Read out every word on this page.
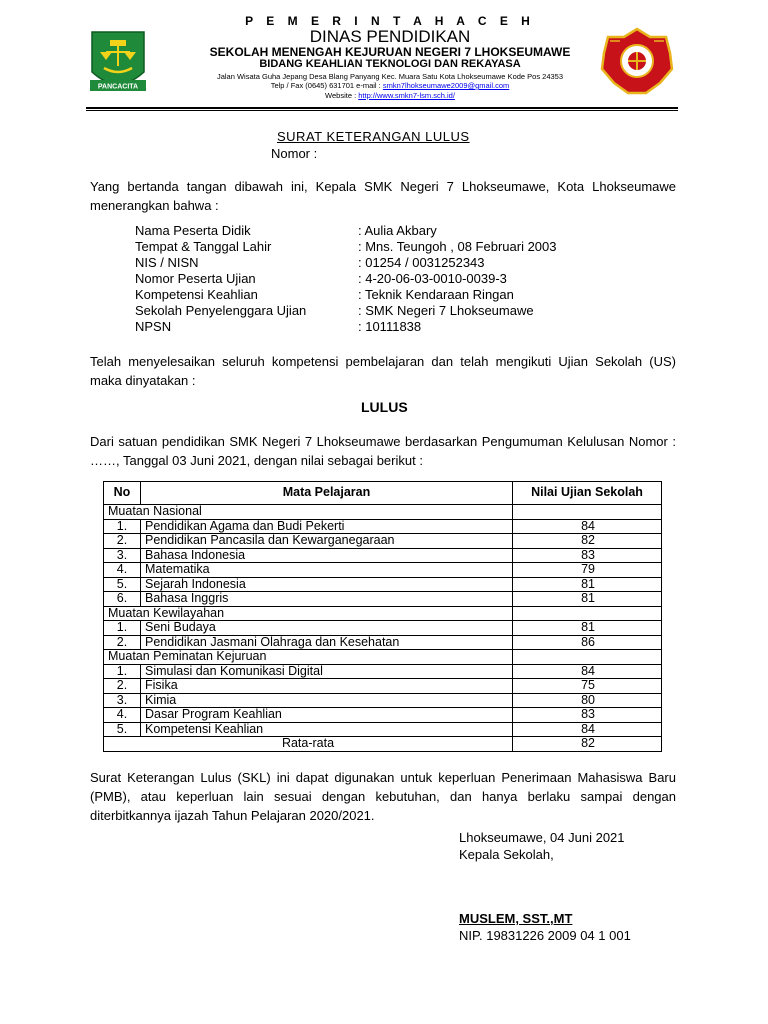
PANCACITA
P E M E R I N T A H A C E H
DINAS PENDIDIKAN
SEKOLAH MENENGAH KEJURUAN NEGERI 7 LHOKSEUMAWE
BIDANG KEAHLIAN TEKNOLOGI DAN REKAYASA
Jalan Wisata Guha Jepang Desa Blang Panyang Kec. Muara Satu Kota Lhokseumawe Kode Pos 24353
Telp / Fax (0645) 631701 e-mail : smkn7lhokseumawe2009@gmail.com
Website : http://www.smkn7-lsm.sch.id/
SURAT KETERANGAN LULUS
Nomor :
Yang bertanda tangan dibawah ini, Kepala SMK Negeri 7 Lhokseumawe, Kota Lhokseumawe menerangkan bahwa :
Nama Peserta Didik	: Aulia Akbary
Tempat & Tanggal Lahir	: Mns. Teungoh , 08 Februari 2003
NIS / NISN	: 01254 / 0031252343
Nomor Peserta Ujian	: 4-20-06-03-0010-0039-3
Kompetensi Keahlian	: Teknik Kendaraan Ringan
Sekolah Penyelenggara Ujian	: SMK Negeri 7 Lhokseumawe
NPSN	: 10111838
Telah menyelesaikan seluruh kompetensi pembelajaran dan telah mengikuti Ujian Sekolah (US) maka dinyatakan :
LULUS
Dari satuan pendidikan SMK Negeri 7 Lhokseumawe berdasarkan Pengumuman Kelulusan Nomor : ……, Tanggal 03 Juni 2021, dengan nilai sebagai berikut :
No	Mata Pelajaran	Nilai Ujian Sekolah
Muatan Nasional		
1.	Pendidikan Agama dan Budi Pekerti	84
2.	Pendidikan Pancasila dan Kewarganegaraan	82
3.	Bahasa Indonesia	83
4.	Matematika	79
5.	Sejarah Indonesia	81
6.	Bahasa Inggris	81
Muatan Kewilayahan		
1.	Seni Budaya	81
2.	Pendidikan Jasmani Olahraga dan Kesehatan	86
Muatan Peminatan Kejuruan		
1.	Simulasi dan Komunikasi Digital	84
2.	Fisika	75
3.	Kimia	80
4.	Dasar Program Keahlian	83
5.	Kompetensi Keahlian	84
Rata-rata		82
Surat Keterangan Lulus (SKL) ini dapat digunakan untuk keperluan Penerimaan Mahasiswa Baru (PMB), atau keperluan lain sesuai dengan kebutuhan, dan hanya berlaku sampai dengan diterbitkannya ijazah Tahun Pelajaran 2020/2021.
Lhokseumawe, 04 Juni 2021
Kepala Sekolah,
MUSLEM, SST.,MT
NIP. 19831226 2009 04 1 001
